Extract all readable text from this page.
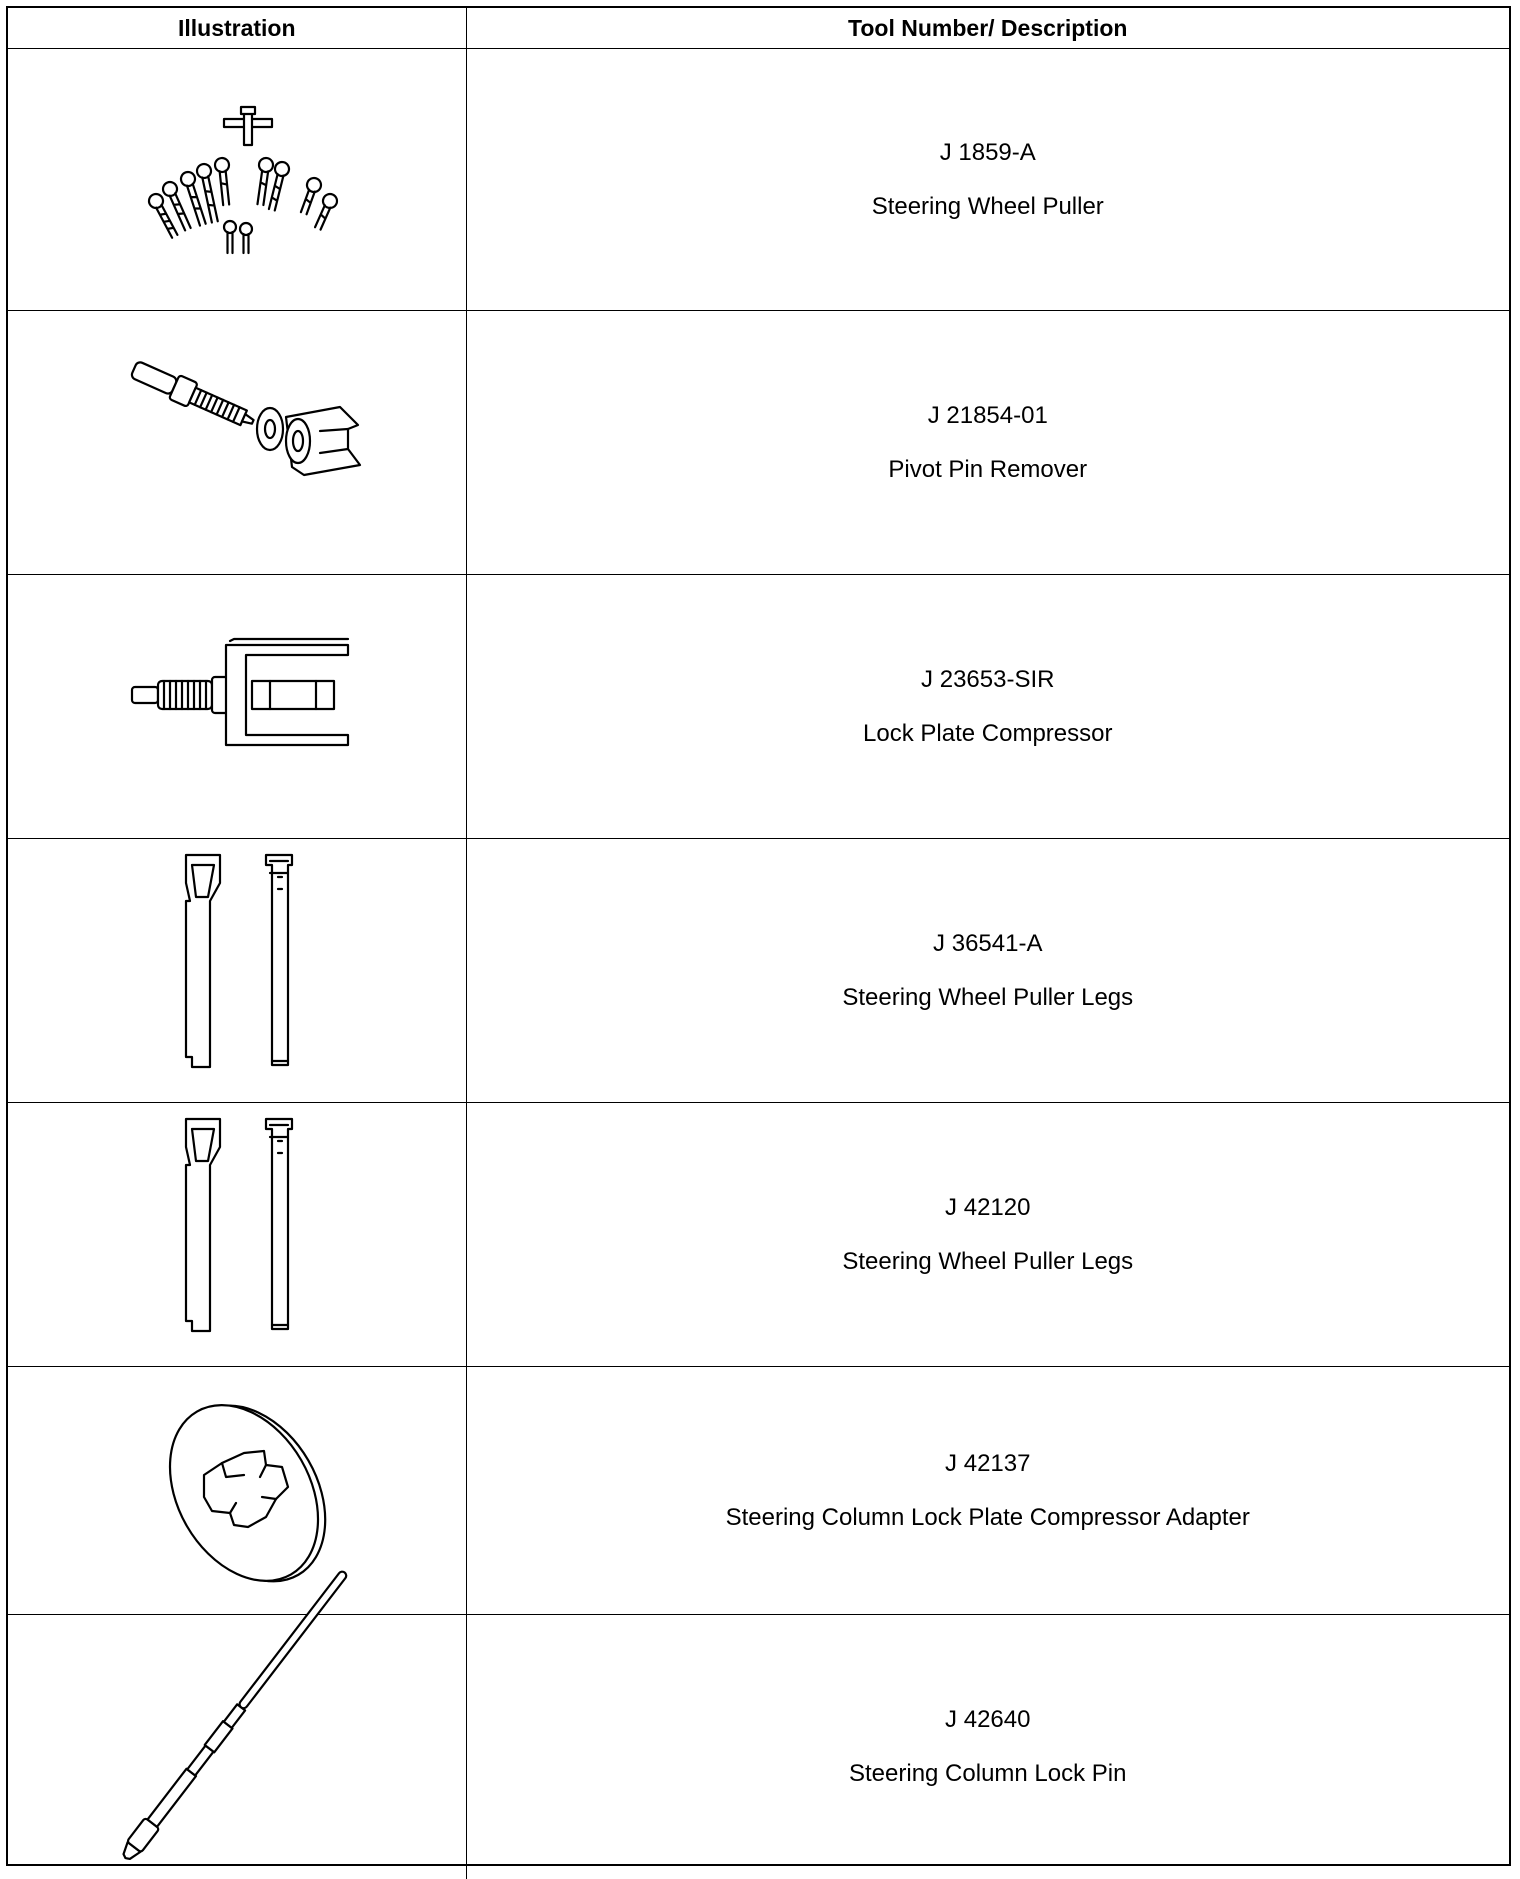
Illustration	Tool Number/ Description

J 1859-A
Steering Wheel Puller

J 21854-01
Pivot Pin Remover

J 23653-SIR
Lock Plate Compressor

J 36541-A
Steering Wheel Puller Legs

J 42120
Steering Wheel Puller Legs

J 42137
Steering Column Lock Plate Compressor Adapter

J 42640
Steering Column Lock Pin
